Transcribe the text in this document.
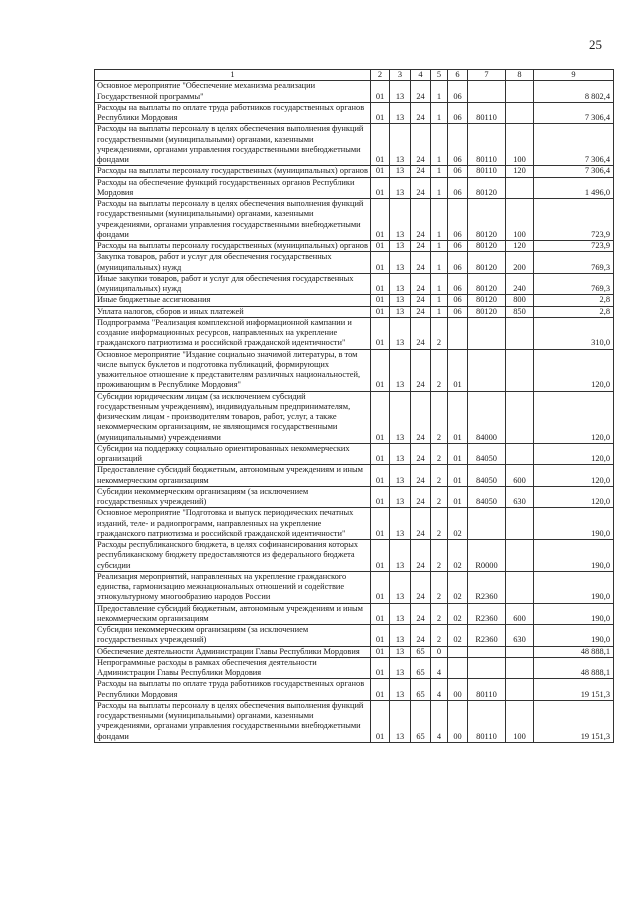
25
1	2	3	4	5	6	7	8	9
Основное мероприятие "Обеспечение механизма реализации Государственной программы"	01	13	24	1	06			8 802,4
Расходы на выплаты по оплате труда работников государственных органов Республики Мордовия	01	13	24	1	06	80110		7 306,4
Расходы на выплаты персоналу в целях обеспечения выполнения функций государственными (муниципальными) органами, казенными учреждениями, органами управления государственными внебюджетными фондами	01	13	24	1	06	80110	100	7 306,4
Расходы на выплаты персоналу государственных (муниципальных) органов	01	13	24	1	06	80110	120	7 306,4
Расходы на обеспечение функций государственных органов Республики Мордовия	01	13	24	1	06	80120		1 496,0
Расходы на выплаты персоналу в целях обеспечения выполнения функций государственными (муниципальными) органами, казенными учреждениями, органами управления государственными внебюджетными фондами	01	13	24	1	06	80120	100	723,9
Расходы на выплаты персоналу государственных (муниципальных) органов	01	13	24	1	06	80120	120	723,9
Закупка товаров, работ и услуг для обеспечения государственных (муниципальных) нужд	01	13	24	1	06	80120	200	769,3
Иные закупки товаров, работ и услуг для обеспечения государственных (муниципальных) нужд	01	13	24	1	06	80120	240	769,3
Иные бюджетные ассигнования	01	13	24	1	06	80120	800	2,8
Уплата налогов, сборов и иных платежей	01	13	24	1	06	80120	850	2,8
Подпрограмма "Реализация комплексной информационной кампании и создание информационных ресурсов, направленных на укрепление гражданского патриотизма и российской гражданской идентичности"	01	13	24	2				310,0
Основное мероприятие "Издание социально значимой литературы, в том числе выпуск буклетов и подготовка публикаций, формирующих уважительное отношение к представителям различных национальностей, проживающим в Республике Мордовия"	01	13	24	2	01			120,0
Субсидии юридическим лицам (за исключением субсидий государственным учреждениям), индивидуальным предпринимателям, физическим лицам - производителям товаров, работ, услуг, а также некоммерческим организациям, не являющимся государственными (муниципальными) учреждениями	01	13	24	2	01	84000		120,0
Субсидии на поддержку социально ориентированных некоммерческих организаций	01	13	24	2	01	84050		120,0
Предоставление субсидий бюджетным, автономным учреждениям и иным некоммерческим организациям	01	13	24	2	01	84050	600	120,0
Субсидии некоммерческим организациям (за исключением государственных учреждений)	01	13	24	2	01	84050	630	120,0
Основное мероприятие "Подготовка и выпуск периодических печатных изданий, теле- и радиопрограмм, направленных на укрепление гражданского патриотизма и российской гражданской идентичности"	01	13	24	2	02			190,0
Расходы республиканского бюджета, в целях софинансирования которых республиканскому бюджету предоставляются из федерального бюджета субсидии	01	13	24	2	02	R0000		190,0
Реализация мероприятий, направленных на укрепление гражданского единства, гармонизацию межнациональных отношений и содействие этнокультурному многообразию народов России	01	13	24	2	02	R2360		190,0
Предоставление субсидий бюджетным, автономным учреждениям и иным некоммерческим организациям	01	13	24	2	02	R2360	600	190,0
Субсидии некоммерческим организациям (за исключением государственных учреждений)	01	13	24	2	02	R2360	630	190,0
Обеспечение деятельности Администрации Главы Республики Мордовия	01	13	65	0				48 888,1
Непрограммные расходы в рамках обеспечения деятельности Администрации Главы Республики Мордовия	01	13	65	4				48 888,1
Расходы на выплаты по оплате труда работников государственных органов Республики Мордовия	01	13	65	4	00	80110		19 151,3
Расходы на выплаты персоналу в целях обеспечения выполнения функций государственными (муниципальными) органами, казенными учреждениями, органами управления государственными внебюджетными фондами	01	13	65	4	00	80110	100	19 151,3
